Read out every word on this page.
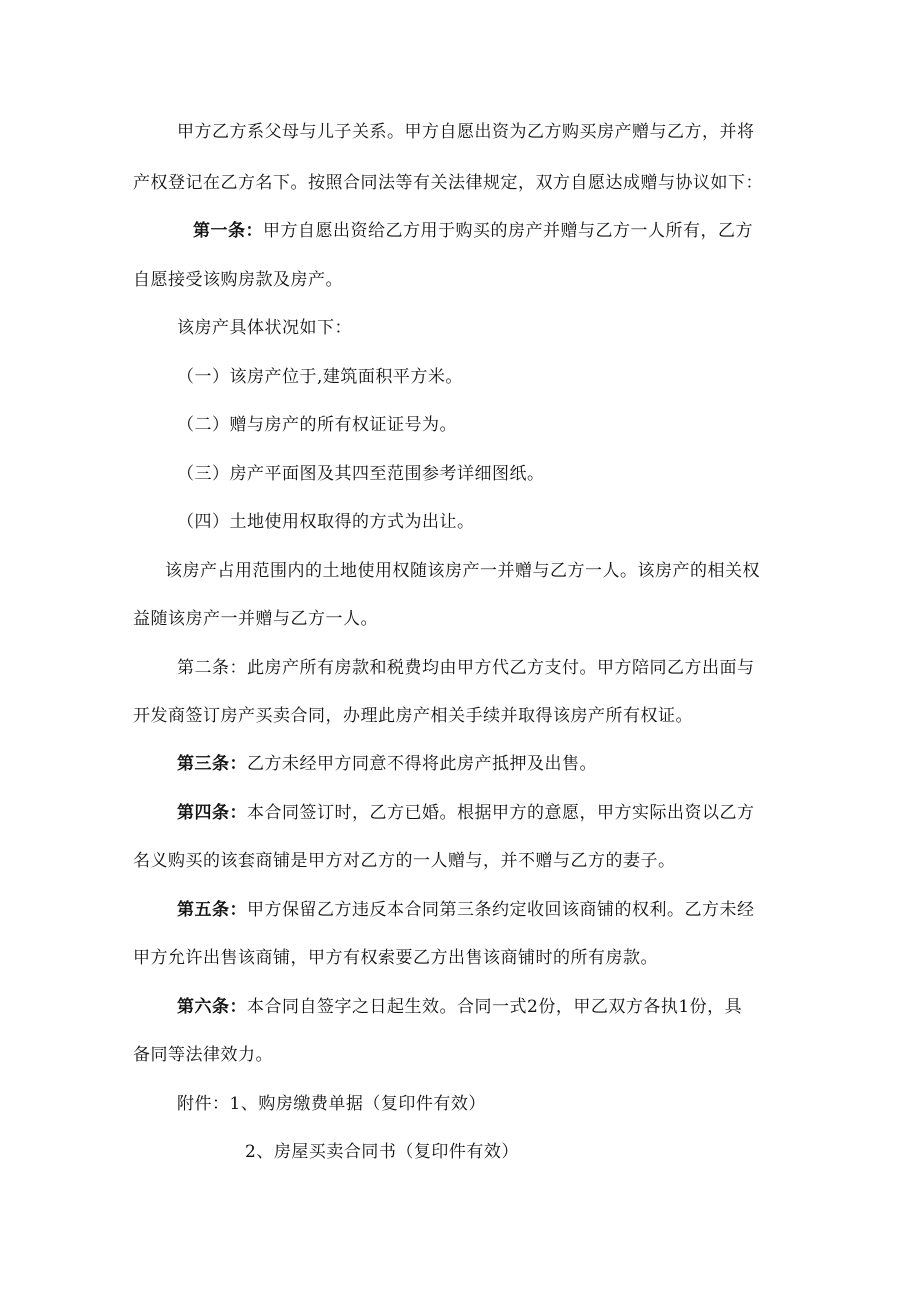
甲方乙方系父母与儿子关系。甲方自愿出资为乙方购买房产赠与乙方，并将
产权登记在乙方名下。按照合同法等有关法律规定，双方自愿达成赠与协议如下：
第一条：甲方自愿出资给乙方用于购买的房产并赠与乙方一人所有，乙方
自愿接受该购房款及房产。
该房产具体状况如下：
（一）该房产位于,建筑面积平方米。
（二）赠与房产的所有权证证号为。
（三）房产平面图及其四至范围参考详细图纸。
（四）土地使用权取得的方式为出让。
该房产占用范围内的土地使用权随该房产一并赠与乙方一人。该房产的相关权
益随该房产一并赠与乙方一人。
第二条：此房产所有房款和税费均由甲方代乙方支付。甲方陪同乙方出面与
开发商签订房产买卖合同，办理此房产相关手续并取得该房产所有权证。
第三条：乙方未经甲方同意不得将此房产抵押及出售。
第四条：本合同签订时，乙方已婚。根据甲方的意愿，甲方实际出资以乙方
名义购买的该套商铺是甲方对乙方的一人赠与，并不赠与乙方的妻子。
第五条：甲方保留乙方违反本合同第三条约定收回该商铺的权利。乙方未经
甲方允许出售该商铺，甲方有权索要乙方出售该商铺时的所有房款。
第六条：本合同自签字之日起生效。合同一式2份，甲乙双方各执1份，具
备同等法律效力。
附件：1、购房缴费单据（复印件有效）
2、房屋买卖合同书（复印件有效）
